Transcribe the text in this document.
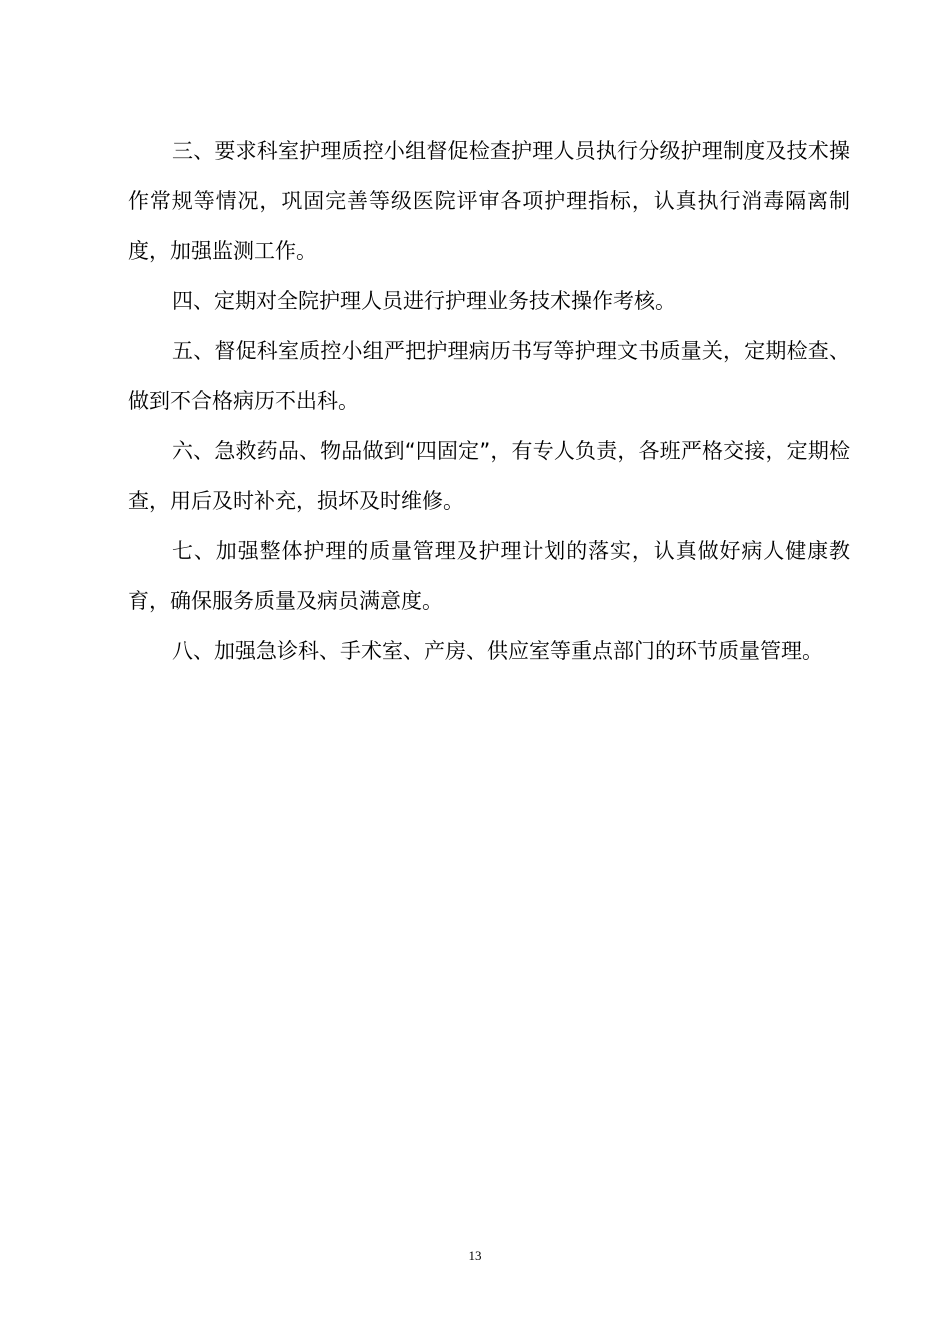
三、要求科室护理质控小组督促检查护理人员执行分级护理制度及技术操作常规等情况，巩固完善等级医院评审各项护理指标，认真执行消毒隔离制度，加强监测工作。

四、定期对全院护理人员进行护理业务技术操作考核。

五、督促科室质控小组严把护理病历书写等护理文书质量关，定期检查、做到不合格病历不出科。

六、急救药品、物品做到“四固定”，有专人负责，各班严格交接，定期检查，用后及时补充，损坏及时维修。

七、加强整体护理的质量管理及护理计划的落实，认真做好病人健康教育，确保服务质量及病员满意度。

八、加强急诊科、手术室、产房、供应室等重点部门的环节质量管理。

13
